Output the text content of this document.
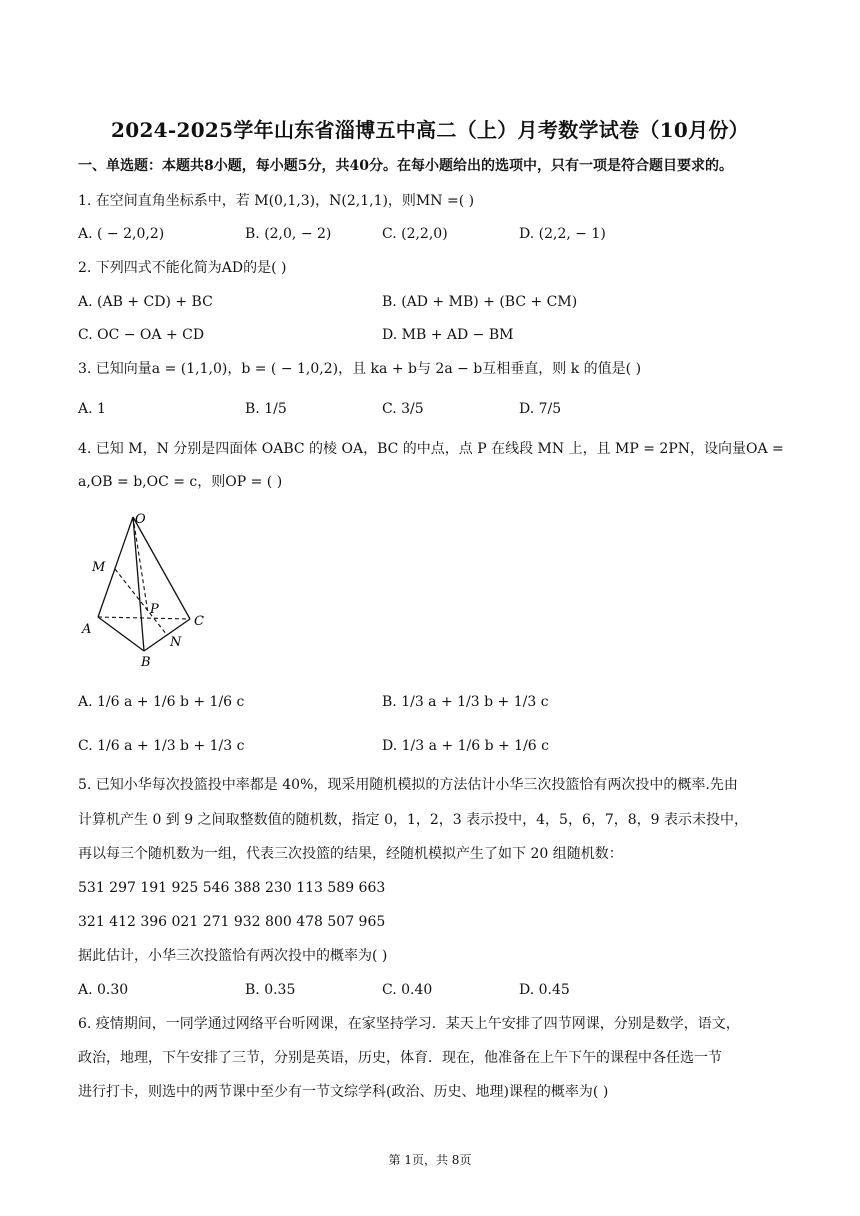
2024-2025学年山东省淄博五中高二（上）月考数学试卷（10月份）
一、单选题：本题共8小题，每小题5分，共40分。在每小题给出的选项中，只有一项是符合题目要求的。
1. 在空间直角坐标系中，若 M(0,1,3)，N(2,1,1)，则MN =( )
A. ( − 2,0,2)	B. (2,0, − 2)	C. (2,2,0)	D. (2,2, − 1)
2. 下列四式不能化简为AD的是( )
A. (AB + CD) + BC	B. (AD + MB) + (BC + CM)
C. OC − OA + CD	D. MB + AD − BM
3. 已知向量a = (1,1,0)，b = ( − 1,0,2)，且 ka + b与 2a − b互相垂直，则 k 的值是( )
A. 1	B. 1/5	C. 3/5	D. 7/5
4. 已知 M，N 分别是四面体 OABC 的棱 OA，BC 的中点，点 P 在线段 MN 上，且 MP = 2PN，设向量OA =
a,OB = b,OC = c，则OP = ( )
O
M
P
A
C
N
B
A. 1/6 a + 1/6 b + 1/6 c	B. 1/3 a + 1/3 b + 1/3 c
C. 1/6 a + 1/3 b + 1/3 c	D. 1/3 a + 1/6 b + 1/6 c
5. 已知小华每次投篮投中率都是 40%，现采用随机模拟的方法估计小华三次投篮恰有两次投中的概率.先由
计算机产生 0 到 9 之间取整数值的随机数，指定 0，1，2，3 表示投中，4，5，6，7，8，9 表示未投中，
再以每三个随机数为一组，代表三次投篮的结果，经随机模拟产生了如下 20 组随机数：
531 297 191 925 546 388 230 113 589 663
321 412 396 021 271 932 800 478 507 965
据此估计，小华三次投篮恰有两次投中的概率为( )
A. 0.30	B. 0.35	C. 0.40	D. 0.45
6. 疫情期间，一同学通过网络平台听网课，在家坚持学习．某天上午安排了四节网课，分别是数学，语文，
政治，地理，下午安排了三节，分别是英语，历史，体育．现在，他准备在上午下午的课程中各任选一节
进行打卡，则选中的两节课中至少有一节文综学科(政治、历史、地理)课程的概率为( )
第 1页，共 8页
